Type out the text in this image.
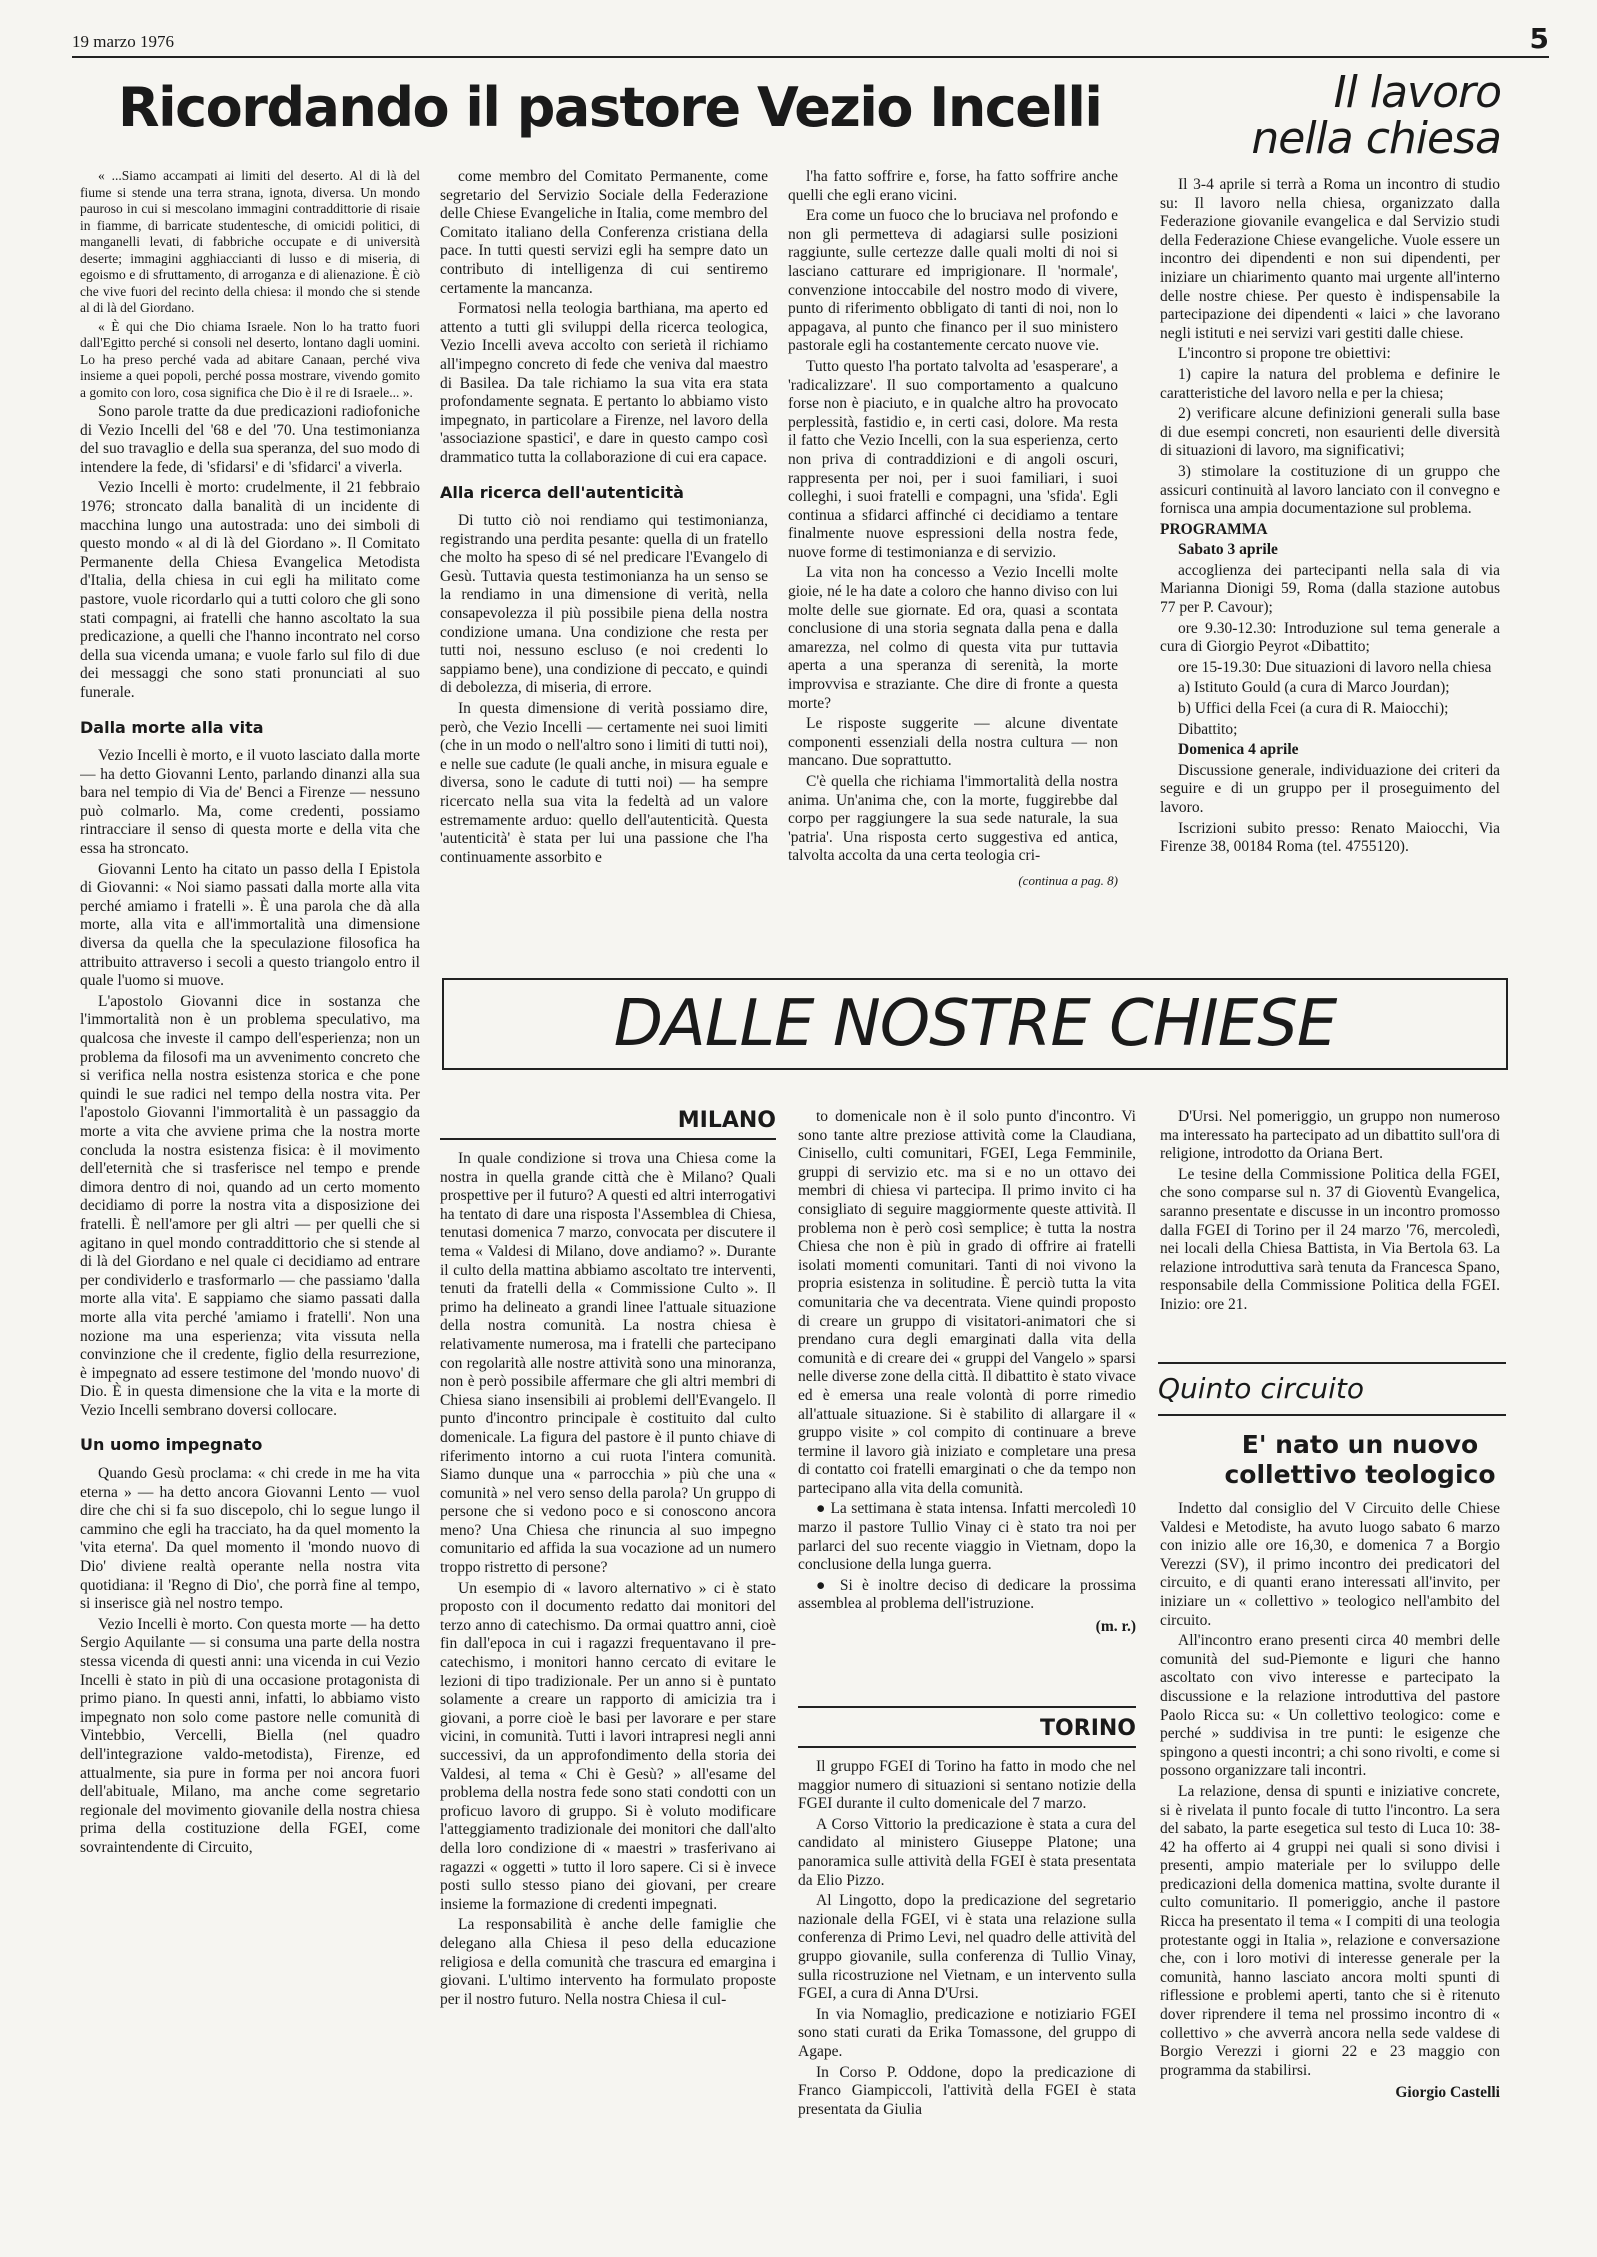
19 marzo 1976	5
Ricordando il pastore Vezio Incelli	Il lavoro
nella chiesa

« ...Siamo accampati ai limiti del deserto. Al di là del fiume si stende una terra strana, ignota, diversa. Un mondo pauroso in cui si mescolano immagini contraddittorie di risaie in fiamme, di barricate studentesche, di omicidi politici, di manganelli levati, di fabbriche occupate e di università deserte; immagini agghiaccianti di lusso e di miseria, di egoismo e di sfruttamento, di arroganza e di alienazione. È ciò che vive fuori del recinto della chiesa: il mondo che si stende al di là del Giordano.

« È qui che Dio chiama Israele. Non lo ha tratto fuori dall'Egitto perché si consoli nel deserto, lontano dagli uomini. Lo ha preso perché vada ad abitare Canaan, perché viva insieme a quei popoli, perché possa mostrare, vivendo gomito a gomito con loro, cosa significa che Dio è il re di Israele... ».

Sono parole tratte da due predicazioni radiofoniche di Vezio Incelli del '68 e del '70. Una testimonianza del suo travaglio e della sua speranza, del suo modo di intendere la fede, di 'sfidarsi' e di 'sfidarci' a viverla.

Vezio Incelli è morto: crudelmente, il 21 febbraio 1976; stroncato dalla banalità di un incidente di macchina lungo una autostrada: uno dei simboli di questo mondo « al di là del Giordano ». Il Comitato Permanente della Chiesa Evangelica Metodista d'Italia, della chiesa in cui egli ha militato come pastore, vuole ricordarlo qui a tutti coloro che gli sono stati compagni, ai fratelli che hanno ascoltato la sua predicazione, a quelli che l'hanno incontrato nel corso della sua vicenda umana; e vuole farlo sul filo di due dei messaggi che sono stati pronunciati al suo funerale.

Dalla morte alla vita

Vezio Incelli è morto, e il vuoto lasciato dalla morte — ha detto Giovanni Lento, parlando dinanzi alla sua bara nel tempio di Via de' Benci a Firenze — nessuno può colmarlo. Ma, come credenti, possiamo rintracciare il senso di questa morte e della vita che essa ha stroncato.

Giovanni Lento ha citato un passo della I Epistola di Giovanni: « Noi siamo passati dalla morte alla vita perché amiamo i fratelli ». È una parola che dà alla morte, alla vita e all'immortalità una dimensione diversa da quella che la speculazione filosofica ha attribuito attraverso i secoli a questo triangolo entro il quale l'uomo si muove.

L'apostolo Giovanni dice in sostanza che l'immortalità non è un problema speculativo, ma qualcosa che investe il campo dell'esperienza; non un problema da filosofi ma un avvenimento concreto che si verifica nella nostra esistenza storica e che pone quindi le sue radici nel tempo della nostra vita. Per l'apostolo Giovanni l'immortalità è un passaggio da morte a vita che avviene prima che la nostra morte concluda la nostra esistenza fisica: è il movimento dell'eternità che si trasferisce nel tempo e prende dimora dentro di noi, quando ad un certo momento decidiamo di porre la nostra vita a disposizione dei fratelli. È nell'amore per gli altri — per quelli che si agitano in quel mondo contraddittorio che si stende al di là del Giordano e nel quale ci decidiamo ad entrare per condividerlo e trasformarlo — che passiamo 'dalla morte alla vita'. E sappiamo che siamo passati dalla morte alla vita perché 'amiamo i fratelli'. Non una nozione ma una esperienza; vita vissuta nella convinzione che il credente, figlio della resurrezione, è impegnato ad essere testimone del 'mondo nuovo' di Dio. È in questa dimensione che la vita e la morte di Vezio Incelli sembrano doversi collocare.

Un uomo impegnato

Quando Gesù proclama: « chi crede in me ha vita eterna » — ha detto ancora Giovanni Lento — vuol dire che chi si fa suo discepolo, chi lo segue lungo il cammino che egli ha tracciato, ha da quel momento la 'vita eterna'. Da quel momento il 'mondo nuovo di Dio' diviene realtà operante nella nostra vita quotidiana: il 'Regno di Dio', che porrà fine al tempo, si inserisce già nel nostro tempo.

Vezio Incelli è morto. Con questa morte — ha detto Sergio Aquilante — si consuma una parte della nostra stessa vicenda di questi anni: una vicenda in cui Vezio Incelli è stato in più di una occasione protagonista di primo piano. In questi anni, infatti, lo abbiamo visto impegnato non solo come pastore nelle comunità di Vintebbio, Vercelli, Biella (nel quadro dell'integrazione valdo-metodista), Firenze, ed attualmente, sia pure in forma per noi ancora fuori dell'abituale, Milano, ma anche come segretario regionale del movimento giovanile della nostra chiesa prima della costituzione della FGEI, come sovraintendente di Circuito,

come membro del Comitato Permanente, come segretario del Servizio Sociale della Federazione delle Chiese Evangeliche in Italia, come membro del Comitato italiano della Conferenza cristiana della pace. In tutti questi servizi egli ha sempre dato un contributo di intelligenza di cui sentiremo certamente la mancanza.

Formatosi nella teologia barthiana, ma aperto ed attento a tutti gli sviluppi della ricerca teologica, Vezio Incelli aveva accolto con serietà il richiamo all'impegno concreto di fede che veniva dal maestro di Basilea. Da tale richiamo la sua vita era stata profondamente segnata. E pertanto lo abbiamo visto impegnato, in particolare a Firenze, nel lavoro della 'associazione spastici', e dare in questo campo così drammatico tutta la collaborazione di cui era capace.

Alla ricerca dell'autenticità

Di tutto ciò noi rendiamo qui testimonianza, registrando una perdita pesante: quella di un fratello che molto ha speso di sé nel predicare l'Evangelo di Gesù. Tuttavia questa testimonianza ha un senso se la rendiamo in una dimensione di verità, nella consapevolezza il più possibile piena della nostra condizione umana. Una condizione che resta per tutti noi, nessuno escluso (e noi credenti lo sappiamo bene), una condizione di peccato, e quindi di debolezza, di miseria, di errore.

In questa dimensione di verità possiamo dire, però, che Vezio Incelli — certamente nei suoi limiti (che in un modo o nell'altro sono i limiti di tutti noi), e nelle sue cadute (le quali anche, in misura eguale e diversa, sono le cadute di tutti noi) — ha sempre ricercato nella sua vita la fedeltà ad un valore estremamente arduo: quello dell'autenticità. Questa 'autenticità' è stata per lui una passione che l'ha continuamente assorbito e

l'ha fatto soffrire e, forse, ha fatto soffrire anche quelli che egli erano vicini.

Era come un fuoco che lo bruciava nel profondo e non gli permetteva di adagiarsi sulle posizioni raggiunte, sulle certezze dalle quali molti di noi si lasciano catturare ed imprigionare. Il 'normale', convenzione intoccabile del nostro modo di vivere, punto di riferimento obbligato di tanti di noi, non lo appagava, al punto che financo per il suo ministero pastorale egli ha costantemente cercato nuove vie.

Tutto questo l'ha portato talvolta ad 'esasperare', a 'radicalizzare'. Il suo comportamento a qualcuno forse non è piaciuto, e in qualche altro ha provocato perplessità, fastidio e, in certi casi, dolore. Ma resta il fatto che Vezio Incelli, con la sua esperienza, certo non priva di contraddizioni e di angoli oscuri, rappresenta per noi, per i suoi familiari, i suoi colleghi, i suoi fratelli e compagni, una 'sfida'. Egli continua a sfidarci affinché ci decidiamo a tentare finalmente nuove espressioni della nostra fede, nuove forme di testimonianza e di servizio.

La vita non ha concesso a Vezio Incelli molte gioie, né le ha date a coloro che hanno diviso con lui molte delle sue giornate. Ed ora, quasi a scontata conclusione di una storia segnata dalla pena e dalla amarezza, nel colmo di questa vita pur tuttavia aperta a una speranza di serenità, la morte improvvisa e straziante. Che dire di fronte a questa morte?

Le risposte suggerite — alcune diventate componenti essenziali della nostra cultura — non mancano. Due soprattutto.

C'è quella che richiama l'immortalità della nostra anima. Un'anima che, con la morte, fuggirebbe dal corpo per raggiungere la sua sede naturale, la sua 'patria'. Una risposta certo suggestiva ed antica, talvolta accolta da una certa teologia cri-

(continua a pag. 8)

Il 3-4 aprile si terrà a Roma un incontro di studio su: Il lavoro nella chiesa, organizzato dalla Federazione giovanile evangelica e dal Servizio studi della Federazione Chiese evangeliche. Vuole essere un incontro dei dipendenti e non sui dipendenti, per iniziare un chiarimento quanto mai urgente all'interno delle nostre chiese. Per questo è indispensabile la partecipazione dei dipendenti « laici » che lavorano negli istituti e nei servizi vari gestiti dalle chiese.

L'incontro si propone tre obiettivi:

1) capire la natura del problema e definire le caratteristiche del lavoro nella e per la chiesa;

2) verificare alcune definizioni generali sulla base di due esempi concreti, non esaurienti delle diversità di situazioni di lavoro, ma significativi;

3) stimolare la costituzione di un gruppo che assicuri continuità al lavoro lanciato con il convegno e fornisca una ampia documentazione sul problema.

PROGRAMMA

Sabato 3 aprile

accoglienza dei partecipanti nella sala di via Marianna Dionigi 59, Roma (dalla stazione autobus 77 per P. Cavour);

ore 9.30-12.30: Introduzione sul tema generale a cura di Giorgio Peyrot «Dibattito;

ore 15-19.30: Due situazioni di lavoro nella chiesa

a) Istituto Gould (a cura di Marco Jourdan);

b) Uffici della Fcei (a cura di R. Maiocchi);

Dibattito;

Domenica 4 aprile

Discussione generale, individuazione dei criteri da seguire e di un gruppo per il proseguimento del lavoro.

Iscrizioni subito presso: Renato Maiocchi, Via Firenze 38, 00184 Roma (tel. 4755120).

DALLE NOSTRE CHIESE
MILANO

In quale condizione si trova una Chiesa come la nostra in quella grande città che è Milano? Quali prospettive per il futuro? A questi ed altri interrogativi ha tentato di dare una risposta l'Assemblea di Chiesa, tenutasi domenica 7 marzo, convocata per discutere il tema « Valdesi di Milano, dove andiamo? ». Durante il culto della mattina abbiamo ascoltato tre interventi, tenuti da fratelli della « Commissione Culto ». Il primo ha delineato a grandi linee l'attuale situazione della nostra comunità. La nostra chiesa è relativamente numerosa, ma i fratelli che partecipano con regolarità alle nostre attività sono una minoranza, non è però possibile affermare che gli altri membri di Chiesa siano insensibili ai problemi dell'Evangelo. Il punto d'incontro principale è costituito dal culto domenicale. La figura del pastore è il punto chiave di riferimento intorno a cui ruota l'intera comunità. Siamo dunque una « parrocchia » più che una « comunità » nel vero senso della parola? Un gruppo di persone che si vedono poco e si conoscono ancora meno? Una Chiesa che rinuncia al suo impegno comunitario ed affida la sua vocazione ad un numero troppo ristretto di persone?

Un esempio di « lavoro alternativo » ci è stato proposto con il documento redatto dai monitori del terzo anno di catechismo. Da ormai quattro anni, cioè fin dall'epoca in cui i ragazzi frequentavano il pre-catechismo, i monitori hanno cercato di evitare le lezioni di tipo tradizionale. Per un anno si è puntato solamente a creare un rapporto di amicizia tra i giovani, a porre cioè le basi per lavorare e per stare vicini, in comunità. Tutti i lavori intrapresi negli anni successivi, da un approfondimento della storia dei Valdesi, al tema « Chi è Gesù? » all'esame del problema della nostra fede sono stati condotti con un proficuo lavoro di gruppo. Si è voluto modificare l'atteggiamento tradizionale dei monitori che dall'alto della loro condizione di « maestri » trasferivano ai ragazzi « oggetti » tutto il loro sapere. Ci si è invece posti sullo stesso piano dei giovani, per creare insieme la formazione di credenti impegnati.

La responsabilità è anche delle famiglie che delegano alla Chiesa il peso della educazione religiosa e della comunità che trascura ed emargina i giovani. L'ultimo intervento ha formulato proposte per il nostro futuro. Nella nostra Chiesa il cul-

to domenicale non è il solo punto d'incontro. Vi sono tante altre preziose attività come la Claudiana, Cinisello, culti comunitari, FGEI, Lega Femminile, gruppi di servizio etc. ma si e no un ottavo dei membri di chiesa vi partecipa. Il primo invito ci ha consigliato di seguire maggiormente queste attività. Il problema non è però così semplice; è tutta la nostra Chiesa che non è più in grado di offrire ai fratelli isolati momenti comunitari. Tanti di noi vivono la propria esistenza in solitudine. È perciò tutta la vita comunitaria che va decentrata. Viene quindi proposto di creare un gruppo di visitatori-animatori che si prendano cura degli emarginati dalla vita della comunità e di creare dei « gruppi del Vangelo » sparsi nelle diverse zone della città. Il dibattito è stato vivace ed è emersa una reale volontà di porre rimedio all'attuale situazione. Si è stabilito di allargare il « gruppo visite » col compito di continuare a breve termine il lavoro già iniziato e completare una presa di contatto coi fratelli emarginati o che da tempo non partecipano alla vita della comunità.

● La settimana è stata intensa. Infatti mercoledì 10 marzo il pastore Tullio Vinay ci è stato tra noi per parlarci del suo recente viaggio in Vietnam, dopo la conclusione della lunga guerra.

● Si è inoltre deciso di dedicare la prossima assemblea al problema dell'istruzione.

(m. r.)
TORINO

Il gruppo FGEI di Torino ha fatto in modo che nel maggior numero di situazioni si sentano notizie della FGEI durante il culto domenicale del 7 marzo.

A Corso Vittorio la predicazione è stata a cura del candidato al ministero Giuseppe Platone; una panoramica sulle attività della FGEI è stata presentata da Elio Pizzo.

Al Lingotto, dopo la predicazione del segretario nazionale della FGEI, vi è stata una relazione sulla conferenza di Primo Levi, nel quadro delle attività del gruppo giovanile, sulla conferenza di Tullio Vinay, sulla ricostruzione nel Vietnam, e un intervento sulla FGEI, a cura di Anna D'Ursi.

In via Nomaglio, predicazione e notiziario FGEI sono stati curati da Erika Tomassone, del gruppo di Agape.

In Corso P. Oddone, dopo la predicazione di Franco Giampiccoli, l'attività della FGEI è stata presentata da Giulia

D'Ursi. Nel pomeriggio, un gruppo non numeroso ma interessato ha partecipato ad un dibattito sull'ora di religione, introdotto da Oriana Bert.

Le tesine della Commissione Politica della FGEI, che sono comparse sul n. 37 di Gioventù Evangelica, saranno presentate e discusse in un incontro promosso dalla FGEI di Torino per il 24 marzo '76, mercoledì, nei locali della Chiesa Battista, in Via Bertola 63. La relazione introduttiva sarà tenuta da Francesca Spano, responsabile della Commissione Politica della FGEI. Inizio: ore 21.

Quinto circuito
E' nato un nuovo
collettivo teologico

Indetto dal consiglio del V Circuito delle Chiese Valdesi e Metodiste, ha avuto luogo sabato 6 marzo con inizio alle ore 16,30, e domenica 7 a Borgio Verezzi (SV), il primo incontro dei predicatori del circuito, e di quanti erano interessati all'invito, per iniziare un « collettivo » teologico nell'ambito del circuito.

All'incontro erano presenti circa 40 membri delle comunità del sud-Piemonte e liguri che hanno ascoltato con vivo interesse e partecipato la discussione e la relazione introduttiva del pastore Paolo Ricca su: « Un collettivo teologico: come e perché » suddivisa in tre punti: le esigenze che spingono a questi incontri; a chi sono rivolti, e come si possono organizzare tali incontri.

La relazione, densa di spunti e iniziative concrete, si è rivelata il punto focale di tutto l'incontro. La sera del sabato, la parte esegetica sul testo di Luca 10: 38-42 ha offerto ai 4 gruppi nei quali si sono divisi i presenti, ampio materiale per lo sviluppo delle predicazioni della domenica mattina, svolte durante il culto comunitario. Il pomeriggio, anche il pastore Ricca ha presentato il tema « I compiti di una teologia protestante oggi in Italia », relazione e conversazione che, con i loro motivi di interesse generale per la comunità, hanno lasciato ancora molti spunti di riflessione e problemi aperti, tanto che si è ritenuto dover riprendere il tema nel prossimo incontro di « collettivo » che avverrà ancora nella sede valdese di Borgio Verezzi i giorni 22 e 23 maggio con programma da stabilirsi.

Giorgio Castelli
